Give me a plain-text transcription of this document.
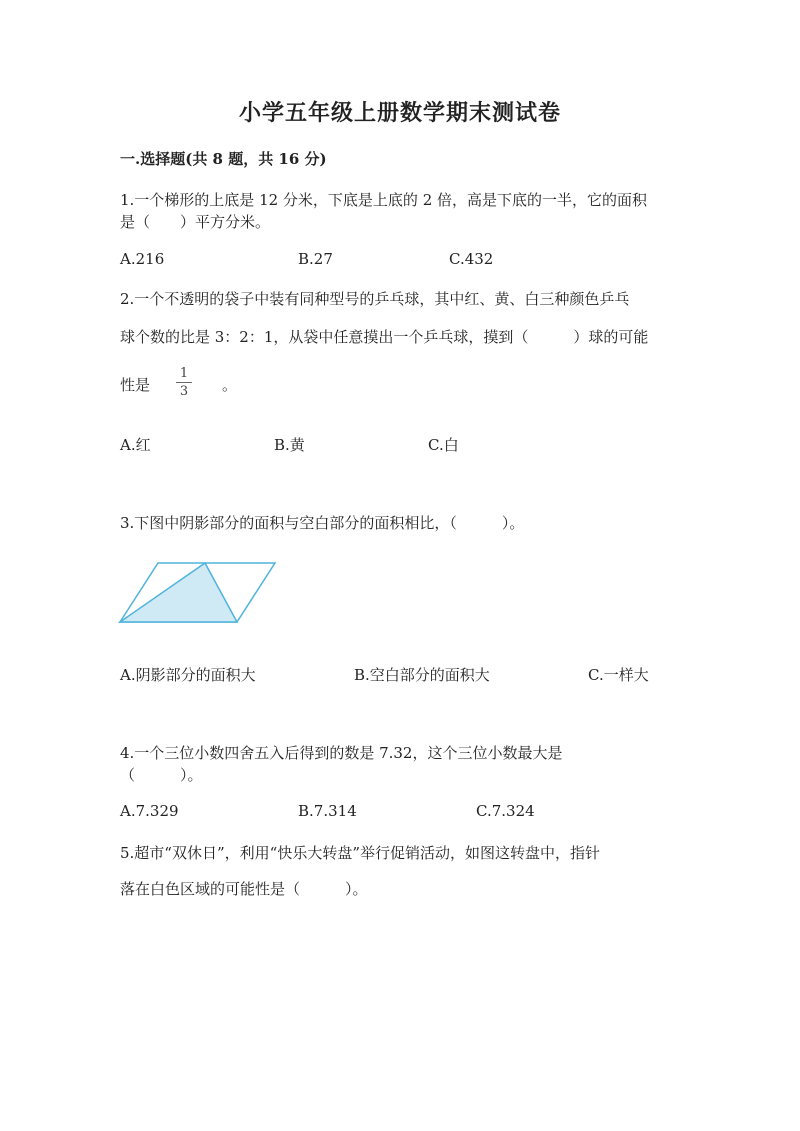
小学五年级上册数学期末测试卷
一.选择题(共 8 题，共 16 分)
1.一个梯形的上底是 12 分米，下底是上底的 2 倍，高是下底的一半，它的面积
是（　　）平方分米。
A.216	B.27	C.432
2.一个不透明的袋子中装有同种型号的乒乓球，其中红、黄、白三种颜色乒乓
球个数的比是 3：2：1，从袋中任意摸出一个乒乓球，摸到（　　　）球的可能
性是 $\frac{1}{3}$ 。
A.红	B.黄	C.白
3.下图中阴影部分的面积与空白部分的面积相比，（　　　）。
A.阴影部分的面积大	B.空白部分的面积大	C.一样大
4.一个三位小数四舍五入后得到的数是 7.32，这个三位小数最大是
（　　　）。
A.7.329	B.7.314	C.7.324
5.超市“双休日”，利用“快乐大转盘”举行促销活动，如图这转盘中，指针
落在白色区域的可能性是（　　　）。
